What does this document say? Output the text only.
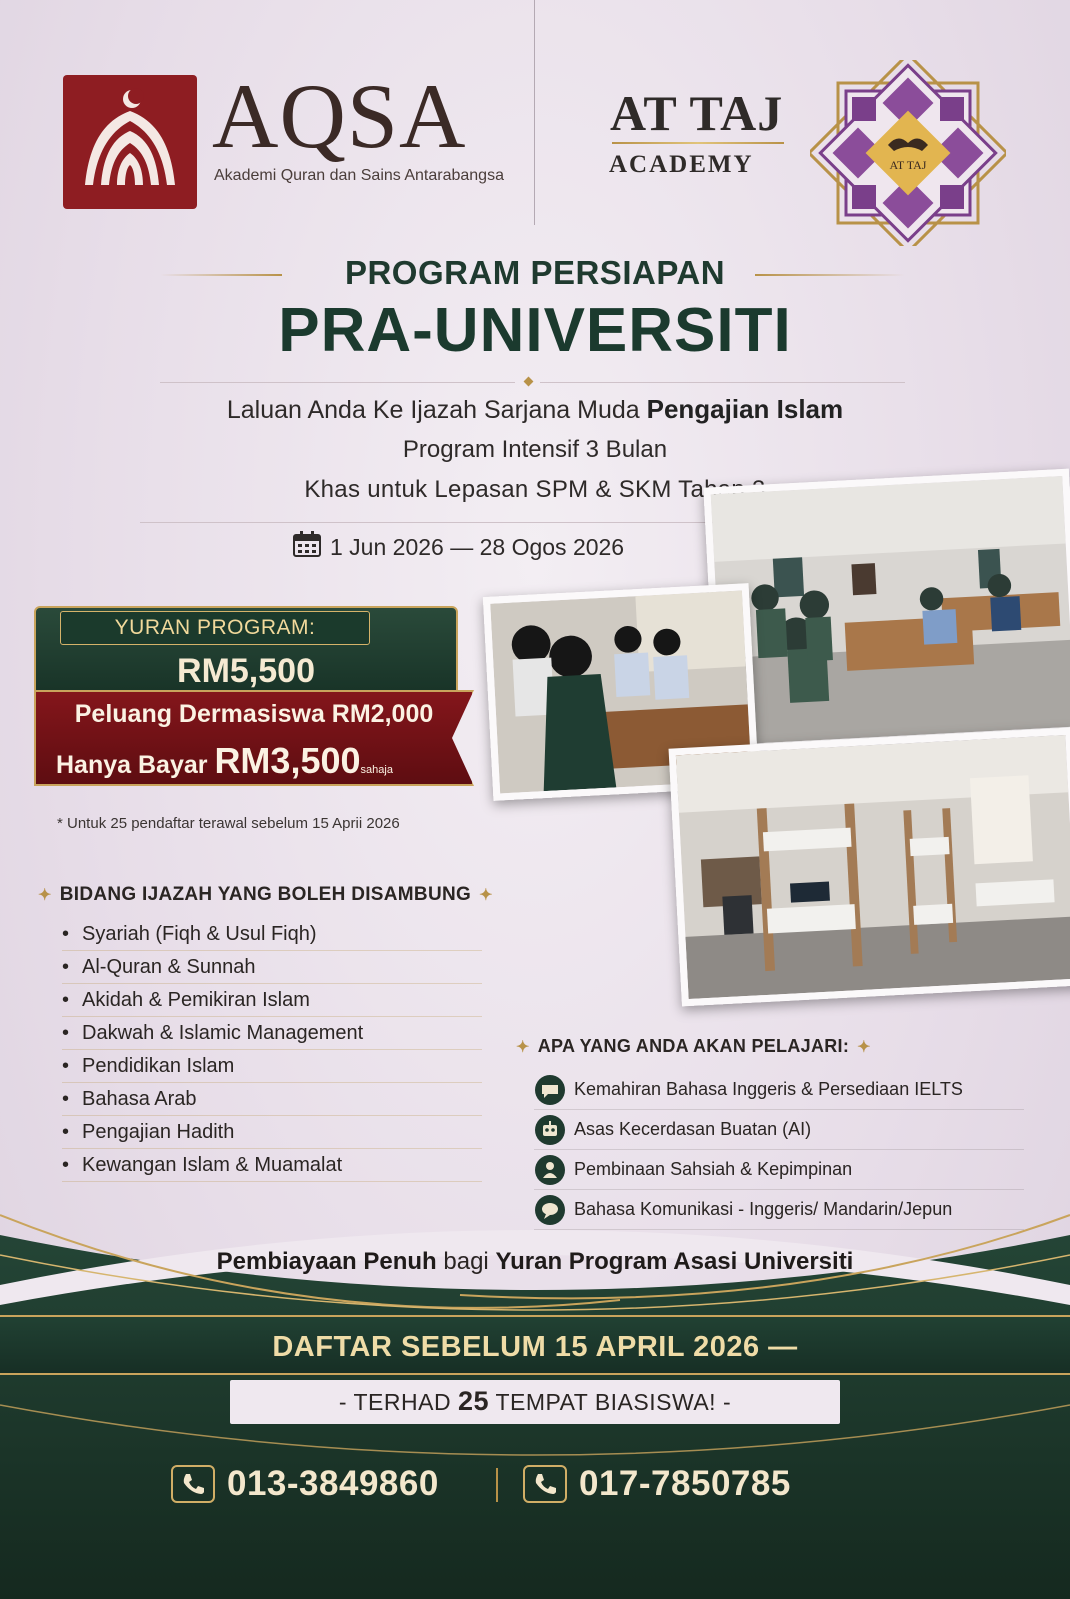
AQSA
Akademi Quran dan Sains Antarabangsa
AT TAJ
ACADEMY	AT TAJ
PROGRAM PERSIAPAN
PRA-UNIVERSITI
Laluan Anda Ke Ijazah Sarjana Muda Pengajian Islam
Program Intensif 3 Bulan
Khas untuk Lepasan SPM & SKM Tahap 3
1 Jun 2026 — 28 Ogos 2026
YURAN PROGRAM:
RM5,500
Peluang Dermasiswa RM2,000
Hanya Bayar RM3,500sahaja
* Untuk 25 pendaftar terawal sebelum 15 Aprii 2026
✦ BIDANG IJAZAH YANG BOLEH DISAMBUNG ✦
• Syariah (Fiqh & Usul Fiqh)
• Al-Quran & Sunnah
• Akidah & Pemikiran Islam
• Dakwah & Islamic Management
• Pendidikan Islam
• Bahasa Arab
• Pengajian Hadith
• Kewangan Islam & Muamalat
✦ APA YANG ANDA AKAN PELAJARI: ✦
Kemahiran Bahasa Inggeris & Persediaan IELTS
Asas Kecerdasan Buatan (AI)
Pembinaan Sahsiah & Kepimpinan
Bahasa Komunikasi - Inggeris/ Mandarin/Jepun
Pembiayaan Penuh bagi Yuran Program Asasi Universiti
DAFTAR SEBELUM 15 APRIL 2026 —
- TERHAD 25 TEMPAT BIASISWA! -
013-3849860	017-7850785
